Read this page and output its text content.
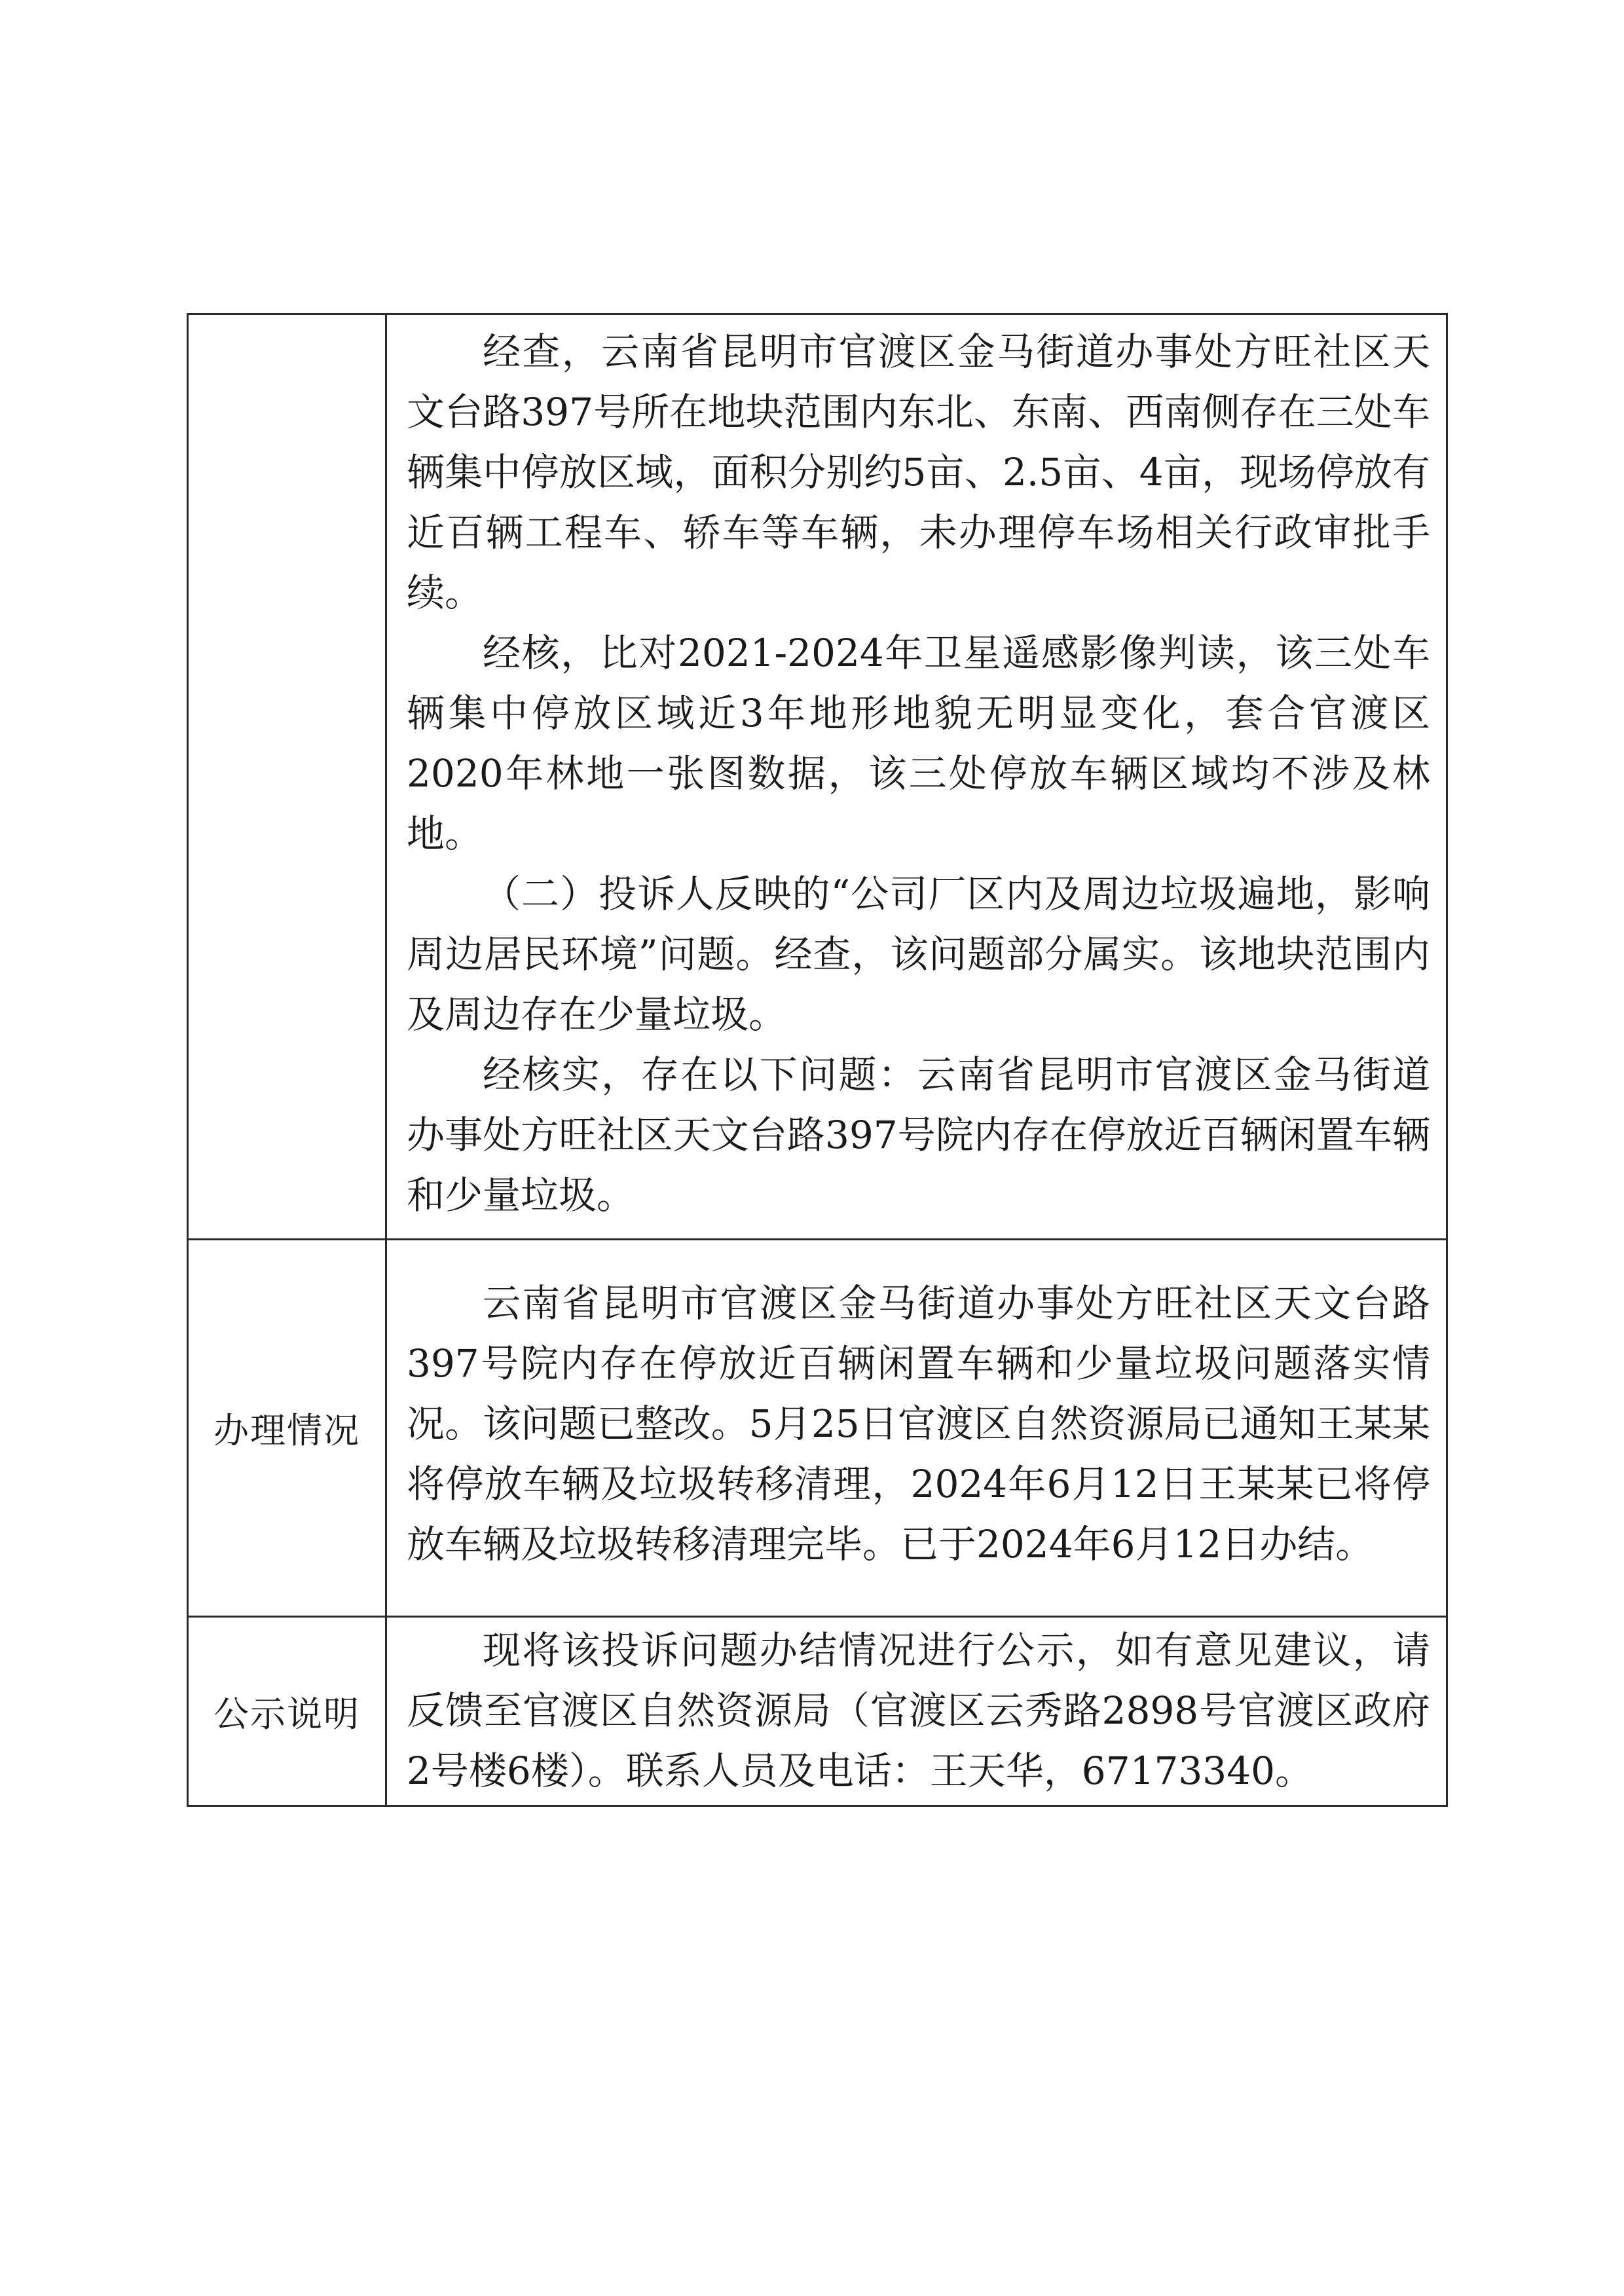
	经查，云南省昆明市官渡区金马街道办事处方旺社区天文台路397号所在地块范围内东北、东南、西南侧存在三处车辆集中停放区域，面积分别约5亩、2.5亩、4亩，现场停放有近百辆工程车、轿车等车辆，未办理停车场相关行政审批手续。

经核，比对2021-2024年卫星遥感影像判读，该三处车辆集中停放区域近3年地形地貌无明显变化，套合官渡区2020年林地一张图数据，该三处停放车辆区域均不涉及林地。

（二）投诉人反映的“公司厂区内及周边垃圾遍地，影响周边居民环境”问题。经查，该问题部分属实。该地块范围内及周边存在少量垃圾。

经核实，存在以下问题：云南省昆明市官渡区金马街道办事处方旺社区天文台路397号院内存在停放近百辆闲置车辆和少量垃圾。

办理情况	云南省昆明市官渡区金马街道办事处方旺社区天文台路397号院内存在停放近百辆闲置车辆和少量垃圾问题落实情况。该问题已整改。5月25日官渡区自然资源局已通知王某某将停放车辆及垃圾转移清理，2024年6月12日王某某已将停放车辆及垃圾转移清理完毕。已于2024年6月12日办结。

公示说明	现将该投诉问题办结情况进行公示，如有意见建议，请反馈至官渡区自然资源局（官渡区云秀路2898号官渡区政府2号楼6楼）。联系人员及电话：王天华，67173340。
